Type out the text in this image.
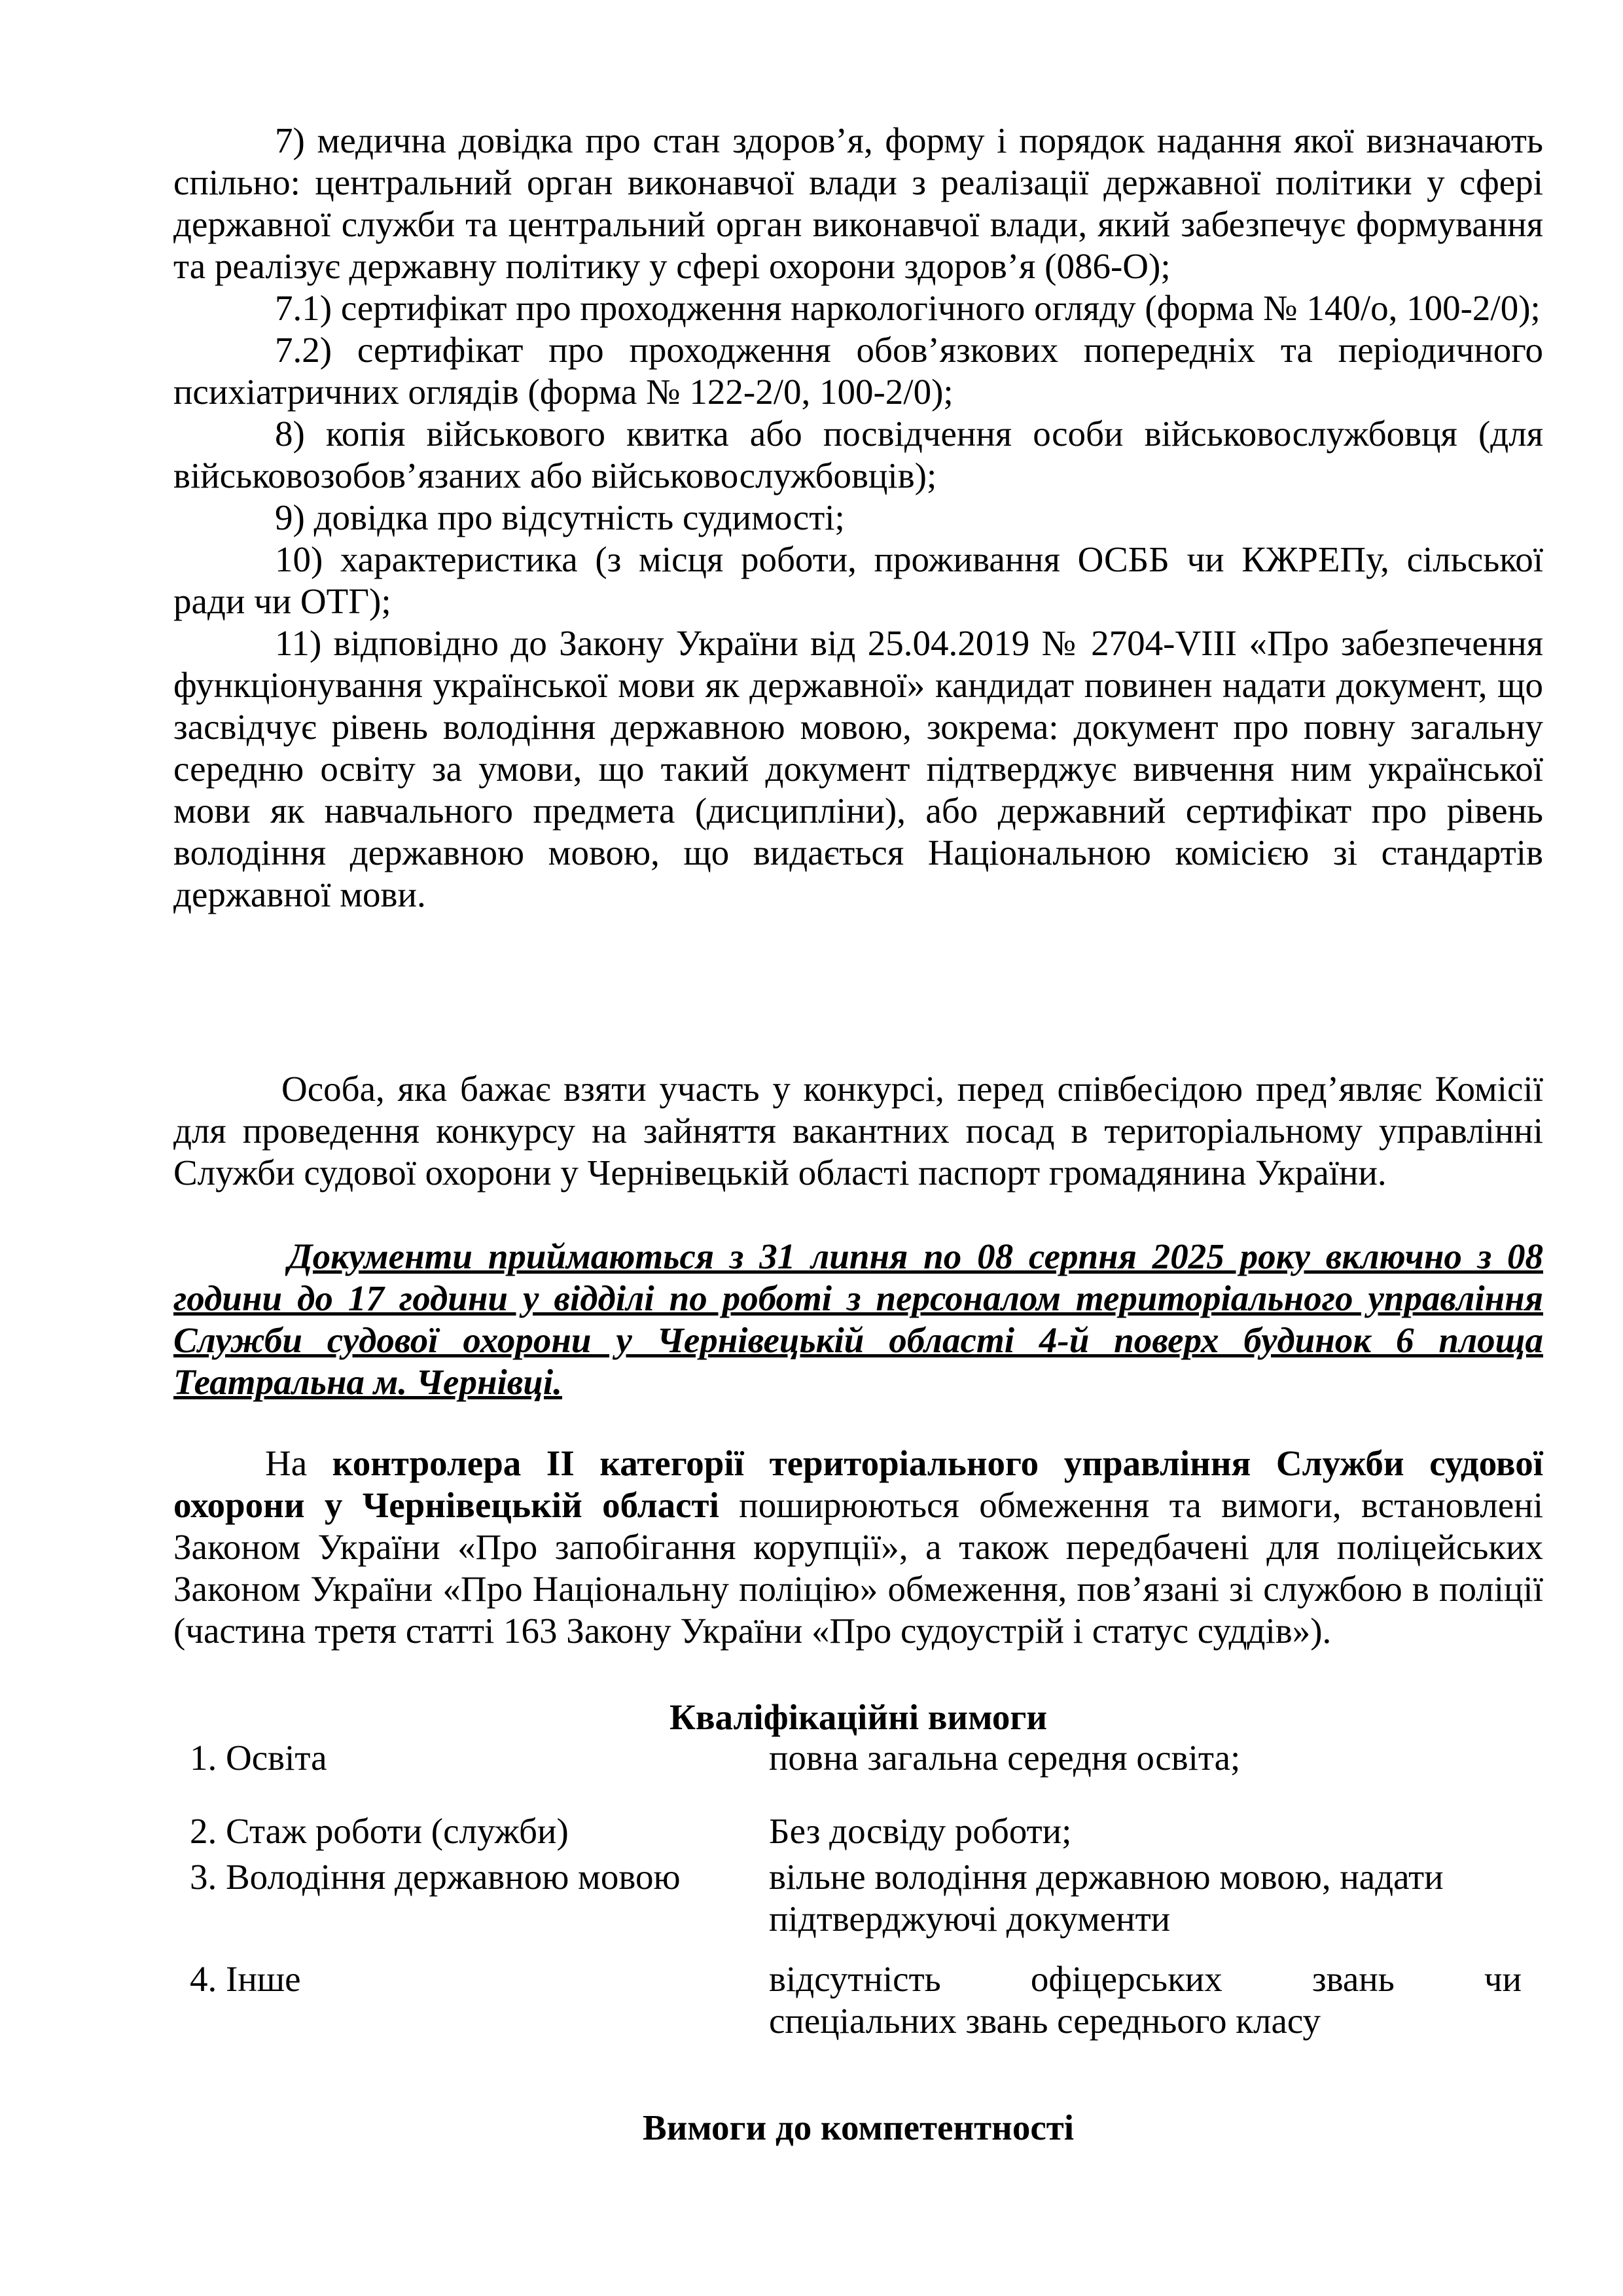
7) медична довідка про стан здоров’я, форму і порядок надання якої визначають спільно: центральний орган виконавчої влади з реалізації державної політики у сфері державної служби та центральний орган виконавчої влади, який забезпечує формування та реалізує державну політику у сфері охорони здоров’я (086-О);

7.1) сертифікат про проходження наркологічного огляду (форма № 140/о, 100-2/0);

7.2) сертифікат про проходження обов’язкових попередніх та періодичного психіатричних оглядів (форма № 122-2/0, 100-2/0);

8) копія військового квитка або посвідчення особи військовослужбовця (для військовозобов’язаних або військовослужбовців);

9) довідка про відсутність судимості;

10) характеристика (з місця роботи, проживання ОСББ чи КЖРЕПу, сільської ради чи ОТГ);

11) відповідно до Закону України від 25.04.2019 № 2704-VIII «Про забезпечення функціонування української мови як державної» кандидат повинен надати документ, що засвідчує рівень володіння державною мовою, зокрема: документ про повну загальну середню освіту за умови, що такий документ підтверджує вивчення ним української мови як навчального предмета (дисципліни), або державний сертифікат про рівень володіння державною мовою, що видається Національною комісією зі стандартів державної мови.

Особа, яка бажає взяти участь у конкурсі, перед співбесідою пред’являє Комісії для проведення конкурсу на зайняття вакантних посад в територіальному управлінні Служби судової охорони у Чернівецькій області паспорт громадянина України.

Документи приймаються з 31 липня по 08 серпня 2025 року включно з 08 години до 17 години у відділі по роботі з персоналом територіального управління Служби судової охорони у Чернівецькій області 4-й поверх будинок 6 площа Театральна м. Чернівці.

На контролера ІІ категорії територіального управління Служби судової охорони у Чернівецькій області поширюються обмеження та вимоги, встановлені Законом України «Про запобігання корупції», а також передбачені для поліцейських Законом України «Про Національну поліцію» обмеження, пов’язані зі службою в поліції (частина третя статті 163 Закону України «Про судоустрій і статус суддів»).

Кваліфікаційні вимоги
1. Освіта	повна загальна середня освіта;
2. Стаж роботи (служби)	Без досвіду роботи;
3. Володіння державною мовою	вільне володіння державною мовою, надати підтверджуючі документи
4. Інше	відсутність офіцерських звань чи
спеціальних звань середнього класу
Вимоги до компетентності
